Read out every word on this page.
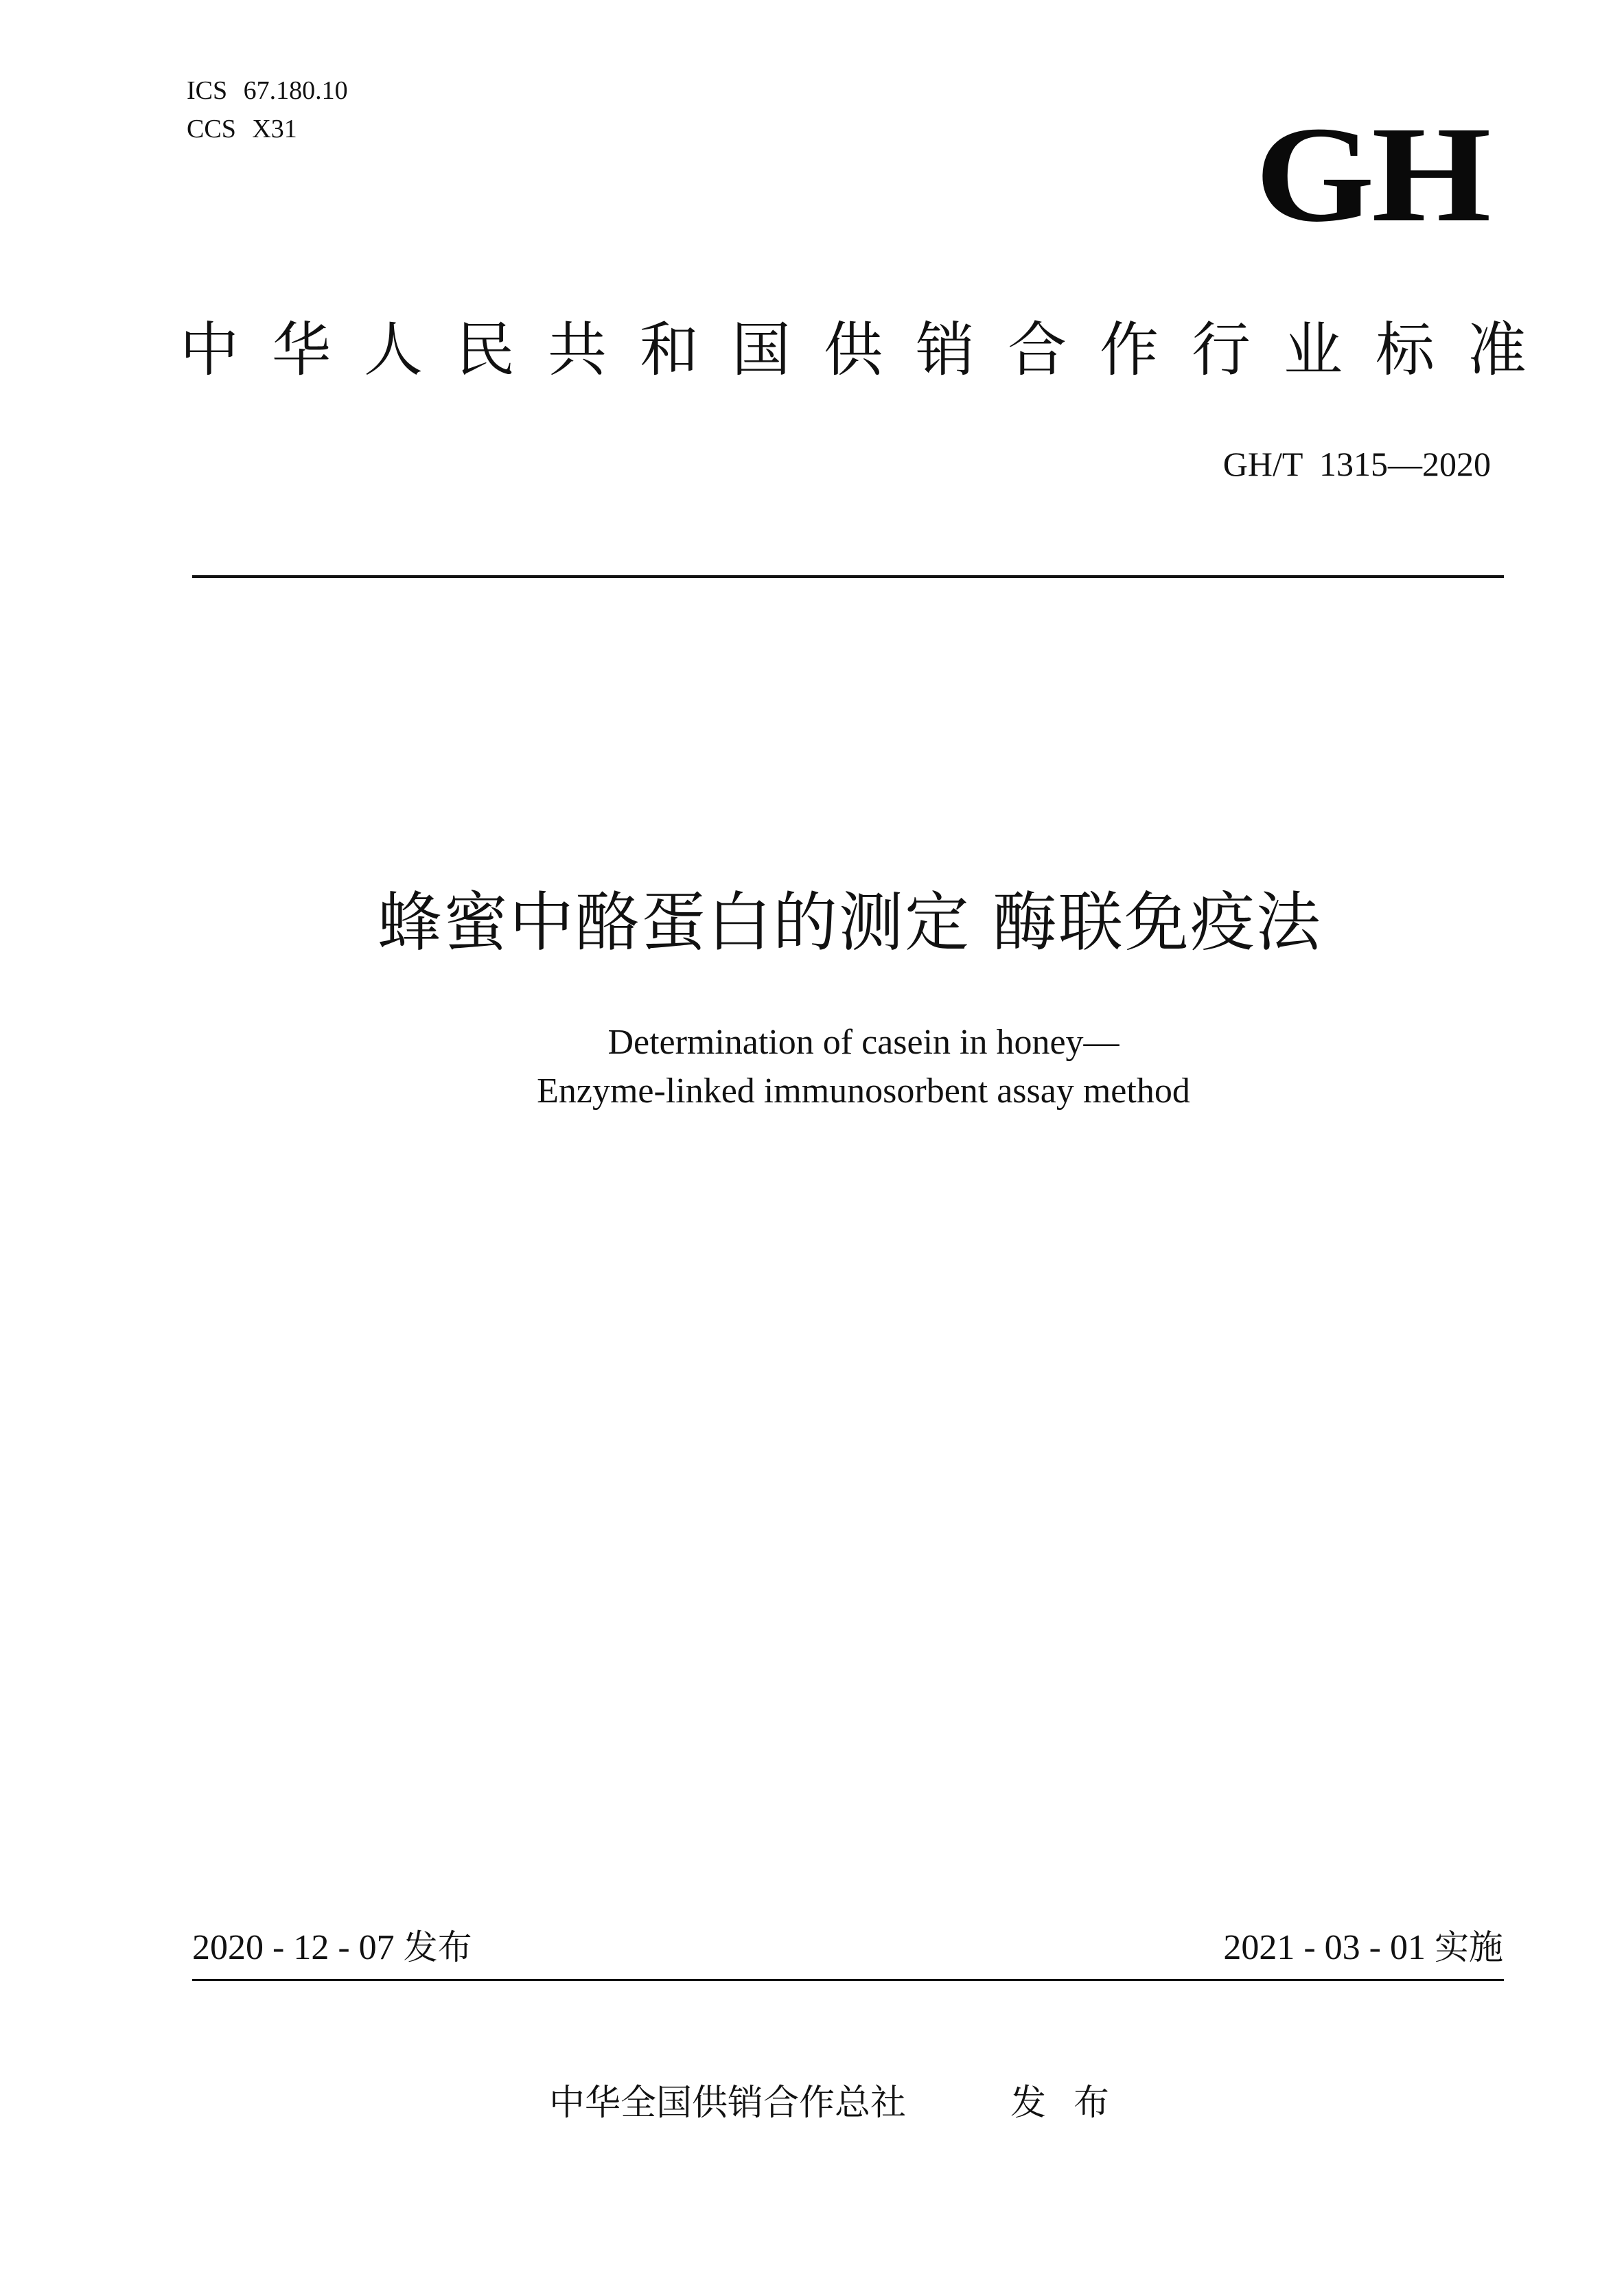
ICS 67.180.10
CCS X31	GH
中华人民共和国供销合作行业标准
GH/T 1315—2020
蜂蜜中酪蛋白的测定 酶联免疫法
Determination of casein in honey—
Enzyme-linked immunosorbent assay method
2020 - 12 - 07 发布	2021 - 03 - 01 实施
中华全国供销合作总社	发布
